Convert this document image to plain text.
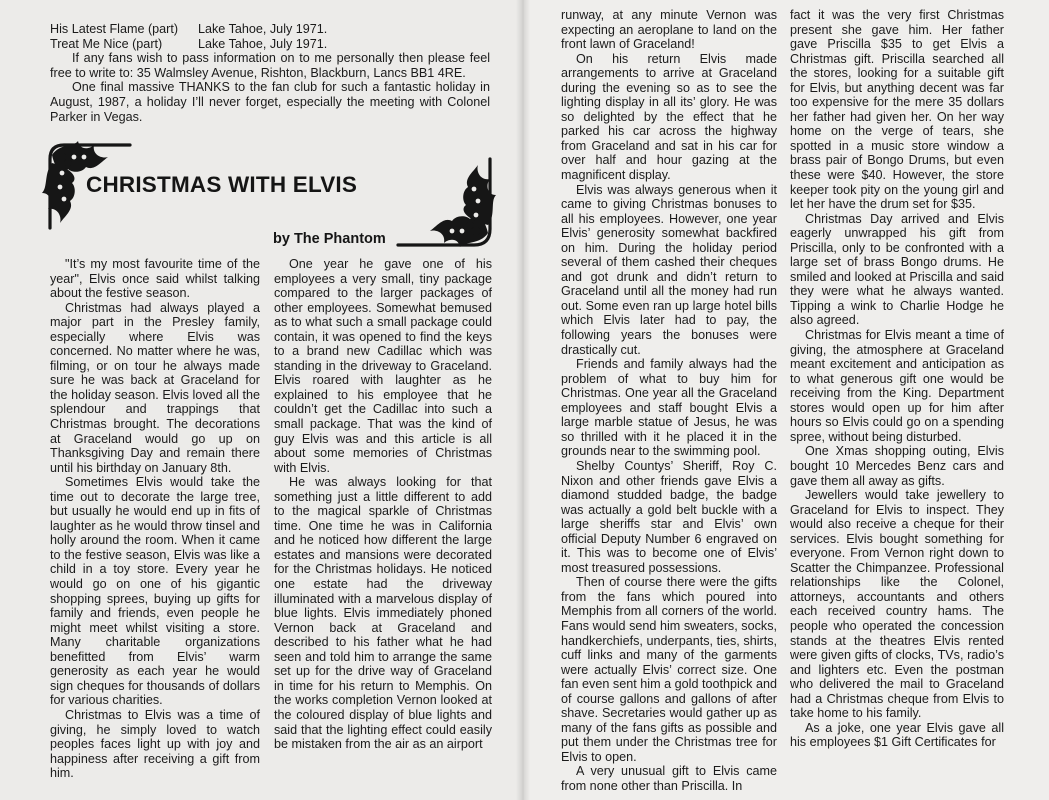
His Latest Flame (part)	Lake Tahoe, July 1971.
Treat Me Nice (part)	Lake Tahoe, July 1971.

If any fans wish to pass information on to me personally then please feel free to write to: 35 Walmsley Avenue, Rishton, Blackburn, Lancs BB1 4RE.

One final massive THANKS to the fan club for such a fantastic holiday in August, 1987, a holiday I’ll never forget, especially the meeting with Colonel Parker in Vegas.

CHRISTMAS WITH ELVIS
by The Phantom

"It’s my most favourite time of the year", Elvis once said whilst talking about the festive season.

Christmas had always played a major part in the Presley family, especially where Elvis was concerned. No matter where he was, filming, or on tour he always made sure he was back at Graceland for the holiday season. Elvis loved all the splendour and trappings that Christmas brought. The decorations at Graceland would go up on Thanksgiving Day and remain there until his birthday on January 8th.

Sometimes Elvis would take the time out to decorate the large tree, but usually he would end up in fits of laughter as he would throw tinsel and holly around the room. When it came to the festive season, Elvis was like a child in a toy store. Every year he would go on one of his gigantic shopping sprees, buying up gifts for family and friends, even people he might meet whilst visiting a store. Many charitable organizations benefitted from Elvis’ warm generosity as each year he would sign cheques for thousands of dollars for various charities.

Christmas to Elvis was a time of giving, he simply loved to watch peoples faces light up with joy and happiness after receiving a gift from him.

One year he gave one of his employees a very small, tiny package compared to the larger packages of other employees. Somewhat bemused as to what such a small package could contain, it was opened to find the keys to a brand new Cadillac which was standing in the driveway to Graceland. Elvis roared with laughter as he explained to his employee that he couldn’t get the Cadillac into such a small package. That was the kind of guy Elvis was and this article is all about some memories of Christmas with Elvis.

He was always looking for that something just a little different to add to the magical sparkle of Christmas time. One time he was in California and he noticed how different the large estates and mansions were decorated for the Christmas holidays. He noticed one estate had the driveway illuminated with a marvelous display of blue lights. Elvis immediately phoned Vernon back at Graceland and described to his father what he had seen and told him to arrange the same set up for the drive way of Graceland in time for his return to Memphis. On the works completion Vernon looked at the coloured display of blue lights and said that the lighting effect could easily be mistaken from the air as an airport

runway, at any minute Vernon was expecting an aeroplane to land on the front lawn of Graceland!

On his return Elvis made arrangements to arrive at Graceland during the evening so as to see the lighting display in all its’ glory. He was so delighted by the effect that he parked his car across the highway from Graceland and sat in his car for over half and hour gazing at the magnificent display.

Elvis was always generous when it came to giving Christmas bonuses to all his employees. However, one year Elvis’ generosity somewhat backfired on him. During the holiday period several of them cashed their cheques and got drunk and didn’t return to Graceland until all the money had run out. Some even ran up large hotel bills which Elvis later had to pay, the following years the bonuses were drastically cut.

Friends and family always had the problem of what to buy him for Christmas. One year all the Graceland employees and staff bought Elvis a large marble statue of Jesus, he was so thrilled with it he placed it in the grounds near to the swimming pool.

Shelby Countys’ Sheriff, Roy C. Nixon and other friends gave Elvis a diamond studded badge, the badge was actually a gold belt buckle with a large sheriffs star and Elvis’ own official Deputy Number 6 engraved on it. This was to become one of Elvis’ most treasured possessions.

Then of course there were the gifts from the fans which poured into Memphis from all corners of the world. Fans would send him sweaters, socks, handkerchiefs, underpants, ties, shirts, cuff links and many of the garments were actually Elvis’ correct size. One fan even sent him a gold toothpick and of course gallons and gallons of after shave. Secretaries would gather up as many of the fans gifts as possible and put them under the Christmas tree for Elvis to open.

A very unusual gift to Elvis came from none other than Priscilla. In

fact it was the very first Christmas present she gave him. Her father gave Priscilla $35 to get Elvis a Christmas gift. Priscilla searched all the stores, looking for a suitable gift for Elvis, but anything decent was far too expensive for the mere 35 dollars her father had given her. On her way home on the verge of tears, she spotted in a music store window a brass pair of Bongo Drums, but even these were $40. However, the store keeper took pity on the young girl and let her have the drum set for $35.

Christmas Day arrived and Elvis eagerly unwrapped his gift from Priscilla, only to be confronted with a large set of brass Bongo drums. He smiled and looked at Priscilla and said they were what he always wanted. Tipping a wink to Charlie Hodge he also agreed.

Christmas for Elvis meant a time of giving, the atmosphere at Graceland meant excitement and anticipation as to what generous gift one would be receiving from the King. Department stores would open up for him after hours so Elvis could go on a spending spree, without being disturbed.

One Xmas shopping outing, Elvis bought 10 Mercedes Benz cars and gave them all away as gifts.

Jewellers would take jewellery to Graceland for Elvis to inspect. They would also receive a cheque for their services. Elvis bought something for everyone. From Vernon right down to Scatter the Chimpanzee. Professional relationships like the Colonel, attorneys, accountants and others each received country hams. The people who operated the concession stands at the theatres Elvis rented were given gifts of clocks, TVs, radio’s and lighters etc. Even the postman who delivered the mail to Graceland had a Christmas cheque from Elvis to take home to his family.

As a joke, one year Elvis gave all his employees $1 Gift Certificates for
